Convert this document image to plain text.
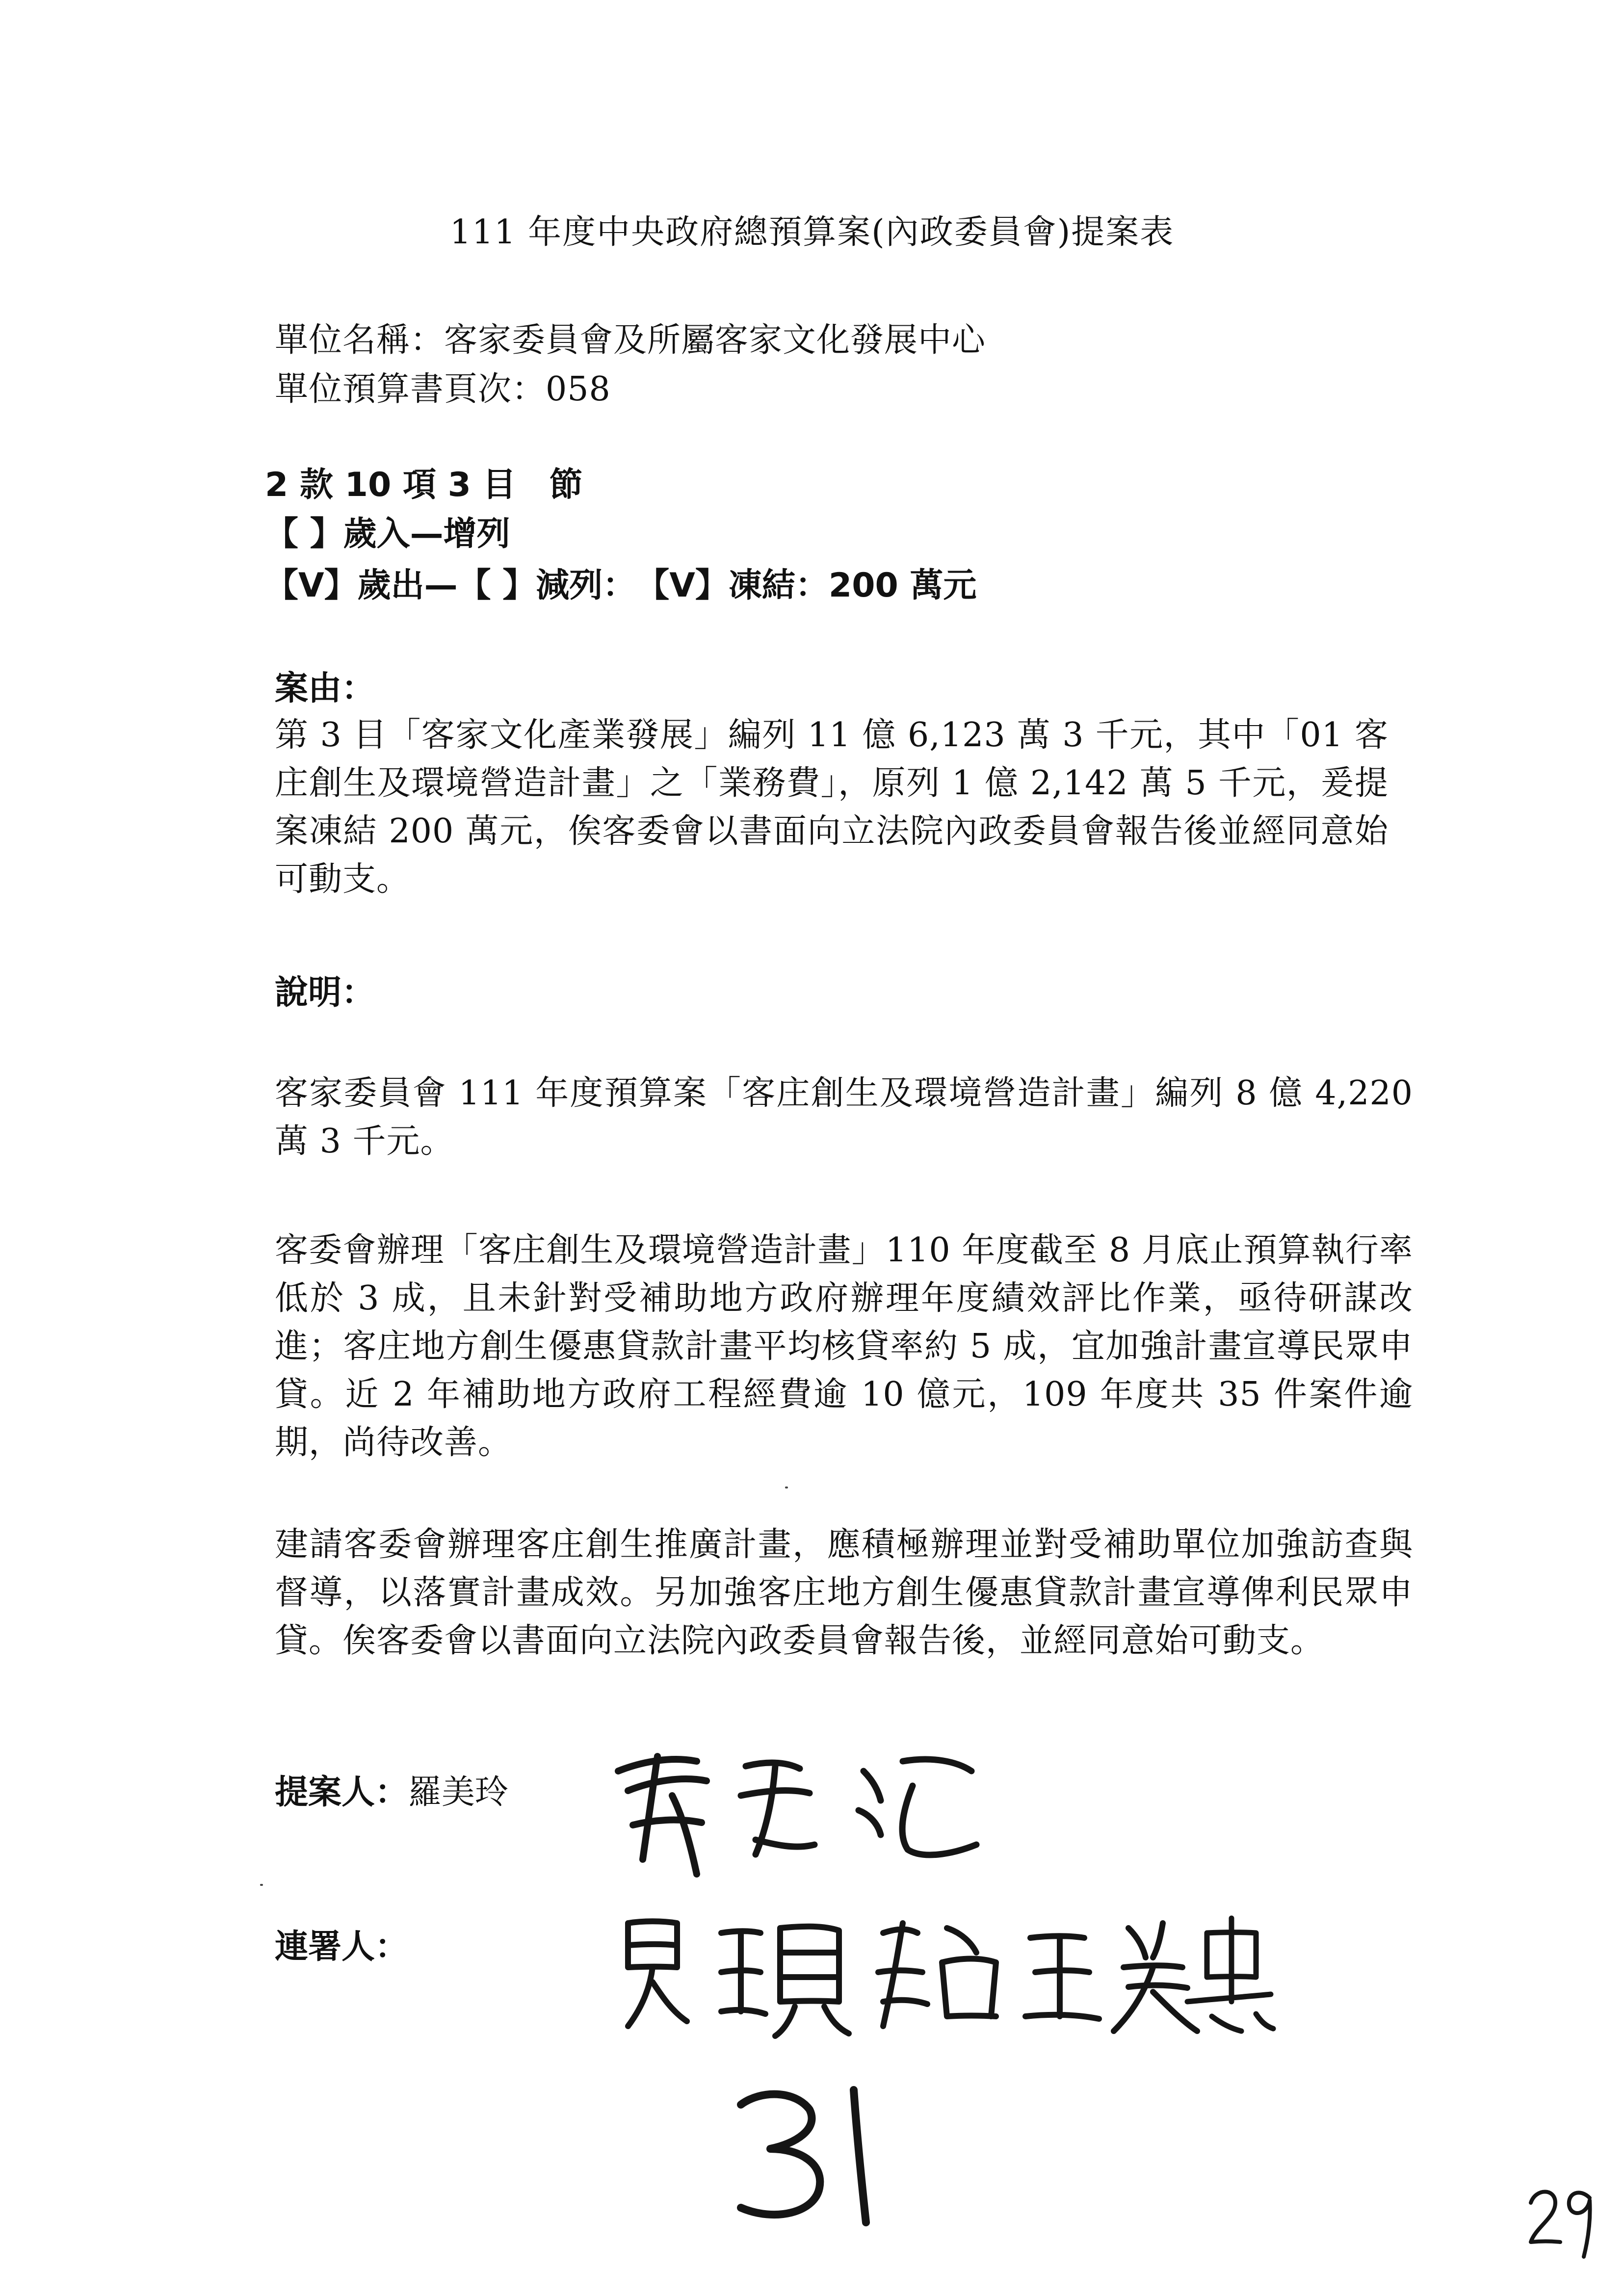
111 年度中央政府總預算案(內政委員會)提案表
單位名稱：客家委員會及所屬客家文化發展中心
單位預算書頁次：058
2 款 10 項 3 目　節
【 】歲入—增列
【V】歲出—【 】減列：　【V】凍結：200 萬元
案由：
第 3 目「客家文化產業發展」編列 11 億 6,123 萬 3 千元，其中「01 客庄創生及環境營造計畫」之「業務費」，原列 1 億 2,142 萬 5 千元，爰提案凍結 200 萬元，俟客委會以書面向立法院內政委員會報告後並經同意始可動支。
說明：
客家委員會 111 年度預算案「客庄創生及環境營造計畫」編列 8 億 4,220 萬 3 千元。
客委會辦理「客庄創生及環境營造計畫」110 年度截至 8 月底止預算執行率低於 3 成，且未針對受補助地方政府辦理年度績效評比作業，亟待研謀改進；客庄地方創生優惠貸款計畫平均核貸率約 5 成，宜加強計畫宣導民眾申貸。近 2 年補助地方政府工程經費逾 10 億元，109 年度共 35 件案件逾期，尚待改善。
建請客委會辦理客庄創生推廣計畫，應積極辦理並對受補助單位加強訪查與督導，以落實計畫成效。另加強客庄地方創生優惠貸款計畫宣導俾利民眾申貸。俟客委會以書面向立法院內政委員會報告後，並經同意始可動支。
提案人：羅美玲
連署人：
